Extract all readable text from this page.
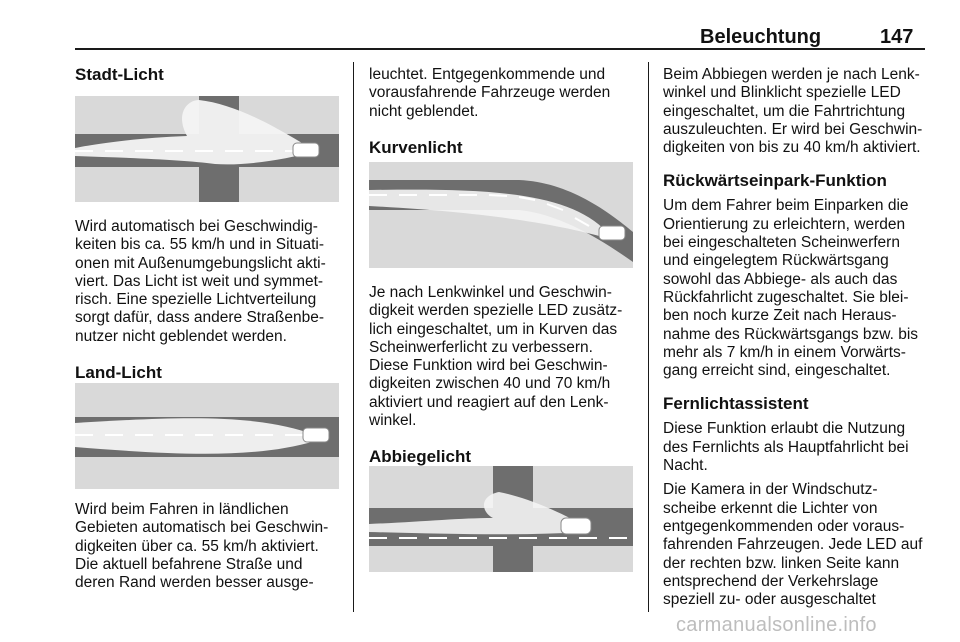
Beleuchtung	147

Stadt-Licht

Wird automatisch bei Geschwindig-
keiten bis ca. 55 km/h und in Situati-
onen mit Außenumgebungslicht akti-
viert. Das Licht ist weit und symmet-
risch. Eine spezielle Lichtverteilung
sorgt dafür, dass andere Straßenbe-
nutzer nicht geblendet werden.

Land-Licht

Wird beim Fahren in ländlichen
Gebieten automatisch bei Geschwin-
digkeiten über ca. 55 km/h aktiviert.
Die aktuell befahrene Straße und
deren Rand werden besser ausge-

leuchtet. Entgegenkommende und
vorausfahrende Fahrzeuge werden
nicht geblendet.

Kurvenlicht

Je nach Lenkwinkel und Geschwin-
digkeit werden spezielle LED zusätz-
lich eingeschaltet, um in Kurven das
Scheinwerferlicht zu verbessern.
Diese Funktion wird bei Geschwin-
digkeiten zwischen 40 und 70 km/h
aktiviert und reagiert auf den Lenk-
winkel.

Abbiegelicht

Beim Abbiegen werden je nach Lenk-
winkel und Blinklicht spezielle LED
eingeschaltet, um die Fahrtrichtung
auszuleuchten. Er wird bei Geschwin-
digkeiten von bis zu 40 km/h aktiviert.

Rückwärtseinpark-Funktion

Um dem Fahrer beim Einparken die
Orientierung zu erleichtern, werden
bei eingeschalteten Scheinwerfern
und eingelegtem Rückwärtsgang
sowohl das Abbiege- als auch das
Rückfahrlicht zugeschaltet. Sie blei-
ben noch kurze Zeit nach Heraus-
nahme des Rückwärtsgangs bzw. bis
mehr als 7 km/h in einem Vorwärts-
gang erreicht sind, eingeschaltet.

Fernlichtassistent

Diese Funktion erlaubt die Nutzung
des Fernlichts als Hauptfahrlicht bei
Nacht.

Die Kamera in der Windschutz-
scheibe erkennt die Lichter von
entgegenkommenden oder voraus-
fahrenden Fahrzeugen. Jede LED auf
der rechten bzw. linken Seite kann
entsprechend der Verkehrslage
speziell zu- oder ausgeschaltet

carmanualsonline.info
